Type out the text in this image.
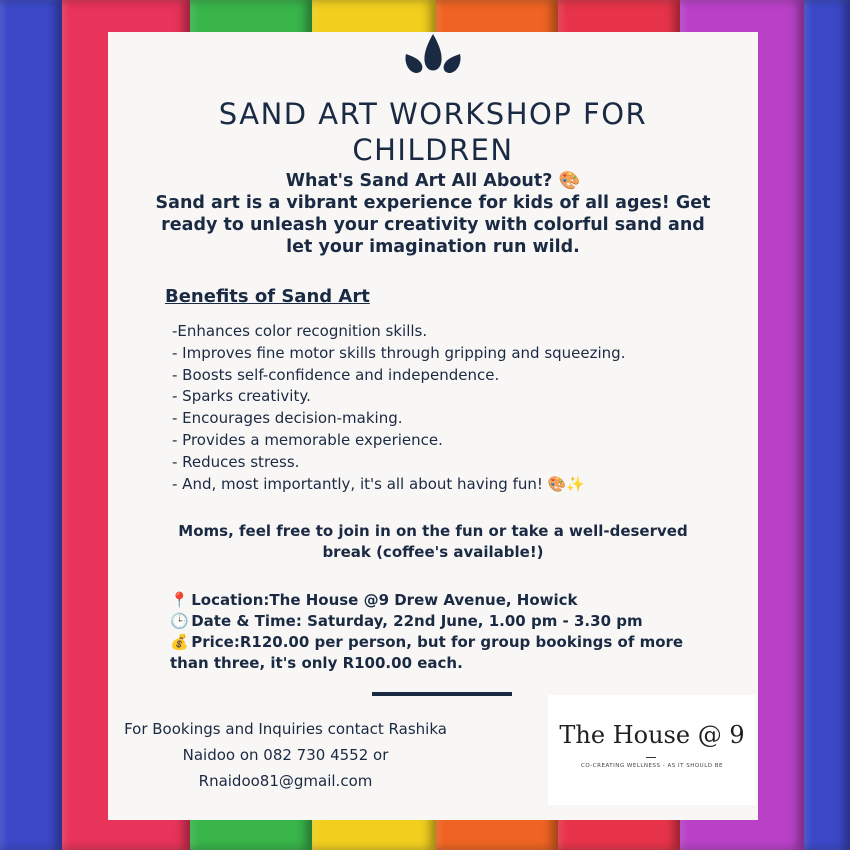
SAND ART WORKSHOP FOR
CHILDREN
What's Sand Art All About? 🎨
Sand art is a vibrant experience for kids of all ages! Get
ready to unleash your creativity with colorful sand and
let your imagination run wild.
Benefits of Sand Art
-Enhances color recognition skills.
- Improves fine motor skills through gripping and squeezing.
- Boosts self-confidence and independence.
- Sparks creativity.
- Encourages decision-making.
- Provides a memorable experience.
- Reduces stress.
- And, most importantly, it's all about having fun! 🎨✨
Moms, feel free to join in on the fun or take a well-deserved
break (coffee's available!)
📍 Location:The House @9 Drew Avenue, Howick
🕒 Date & Time: Saturday, 22nd June, 1.00 pm - 3.30 pm
💰 Price:R120.00 per person, but for group bookings of more
than three, it's only R100.00 each.
For Bookings and Inquiries contact Rashika
Naidoo on 082 730 4552 or
Rnaidoo81@gmail.com
The House @ 9
CO-CREATING WELLNESS - AS IT SHOULD BE
